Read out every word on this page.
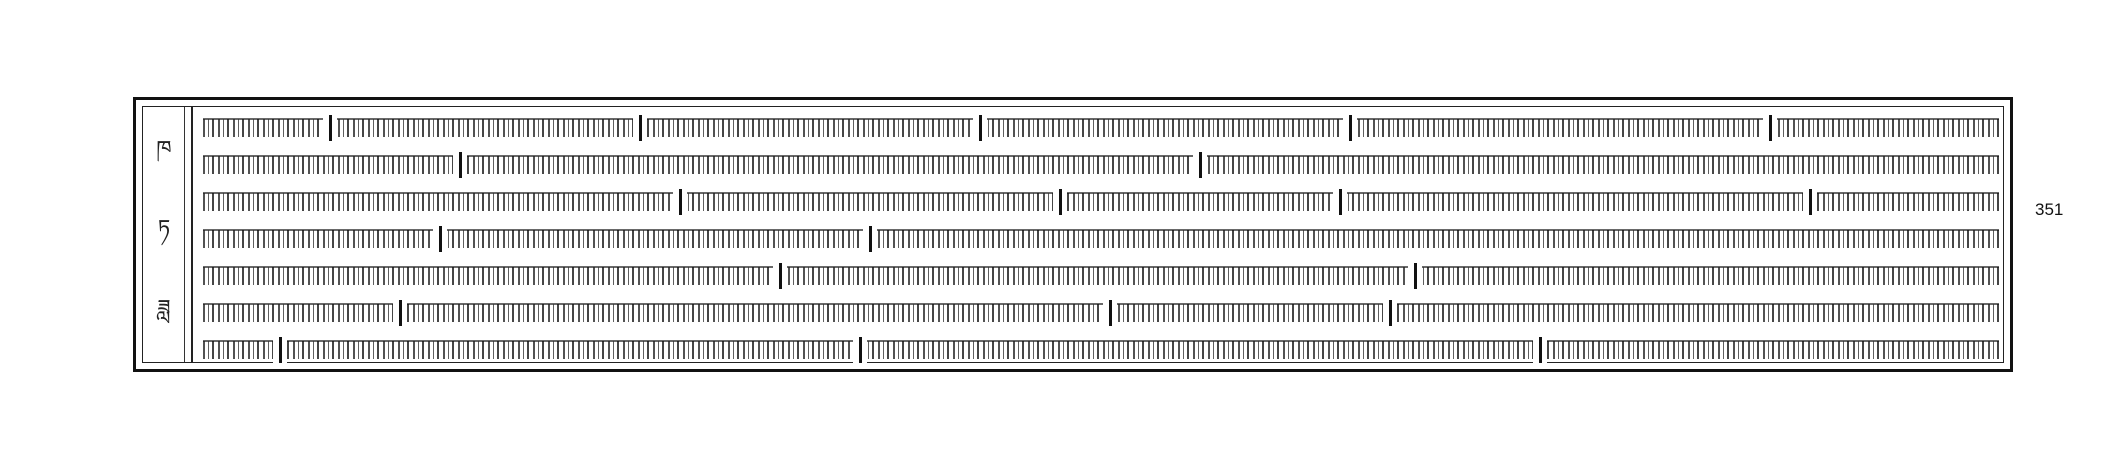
ཁ
ཏ
ཟླ
351
